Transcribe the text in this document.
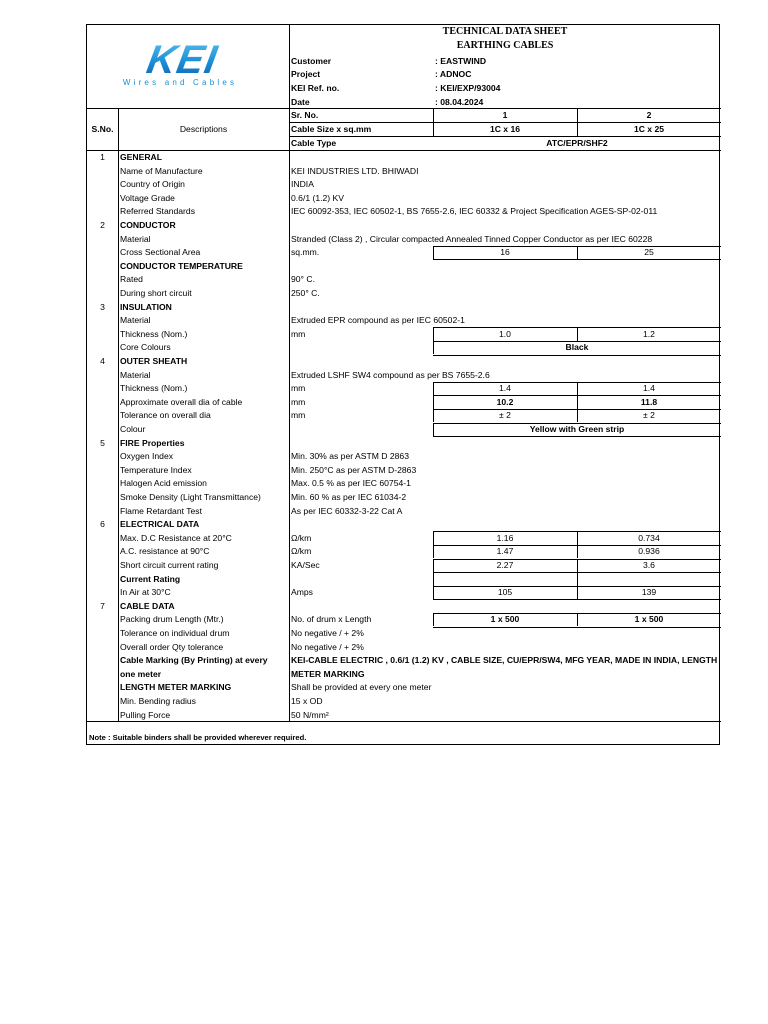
KEI
Wires and Cables
TECHNICAL DATA SHEET
EARTHING CABLES
Customer	: EASTWIND
Project	: ADNOC
KEI Ref. no.	: KEI/EXP/93004
Date	: 08.04.2024
Sr. No.	1	2
Cable Size x sq.mm	1C x 16	1C x 25
Cable Type	ATC/EPR/SHF2
S.No.	Descriptions
1	GENERAL
Name of Manufacture	KEI INDUSTRIES LTD. BHIWADI
Country of Origin	INDIA
Voltage Grade	0.6/1 (1.2) KV
Referred Standards	IEC 60092-353, IEC 60502-1, BS 7655-2.6, IEC 60332 & Project Specification AGES-SP-02-011
2	CONDUCTOR
Material	Stranded (Class 2) , Circular compacted Annealed Tinned Copper Conductor as per IEC 60228
Cross Sectional Area	sq.mm.	16	25
CONDUCTOR TEMPERATURE
Rated	90° C.
During short circuit	250° C.
3	INSULATION
Material	Extruded EPR compound as per IEC 60502-1
Thickness (Nom.)	mm	1.0	1.2
Core Colours	Black
4	OUTER SHEATH
Material	Extruded LSHF SW4 compound as per BS 7655-2.6
Thickness (Nom.)	mm	1.4	1.4
Approximate overall dia of cable	mm	10.2	11.8
Tolerance on overall dia	mm	± 2	± 2
Colour	Yellow with Green strip
5	FIRE Properties
Oxygen Index	Min. 30% as per ASTM D 2863
Temperature Index	Min. 250°C as per ASTM D-2863
Halogen Acid emission	Max. 0.5 % as per IEC 60754-1
Smoke Density (Light Transmittance)	Min. 60 % as per IEC 61034-2
Flame Retardant Test	As per IEC 60332-3-22 Cat A
6	ELECTRICAL DATA
Max. D.C Resistance at 20°C	Ω/km	1.16	0.734
A.C. resistance at 90°C	Ω/km	1.47	0.936
Short circuit current rating	KA/Sec	2.27	3.6
Current Rating
In Air at 30°C	Amps	105	139
7	CABLE DATA
Packing drum Length (Mtr.)	No. of drum x Length	1 x 500	1 x 500
Tolerance on individual drum	No negative / + 2%
Overall order Qty tolerance	No negative / + 2%
Cable Marking (By Printing) at every	KEI-CABLE ELECTRIC , 0.6/1 (1.2) KV , CABLE SIZE, CU/EPR/SW4, MFG YEAR, MADE IN INDIA, LENGTH
one meter	METER MARKING
LENGTH METER MARKING	Shall be provided at every one meter
Min. Bending radius	15 x OD
Pulling Force	50 N/mm²
Note : Suitable binders shall be provided wherever required.
